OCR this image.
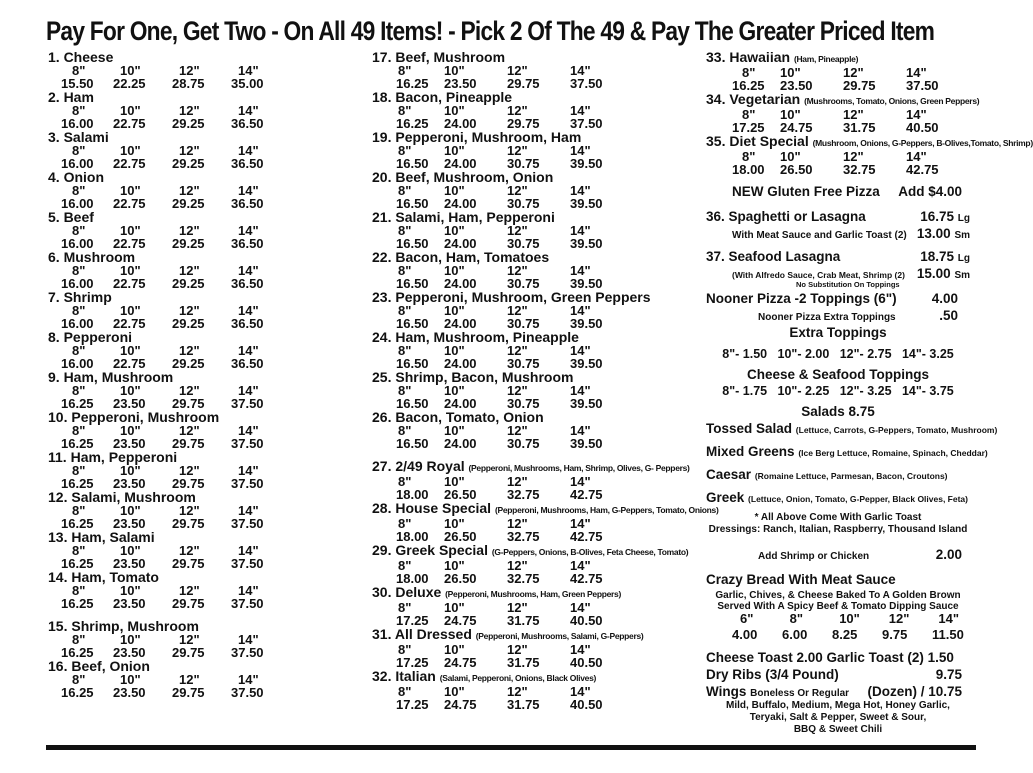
Pay For One, Get Two - On All 49 Items! - Pick 2 Of The 49 & Pay The Greater Priced Item
1. Cheese
8"	10"	12"	14"
15.50	22.25	28.75	35.00
2. Ham
8"	10"	12"	14"
16.00	22.75	29.25	36.50
3. Salami
8"	10"	12"	14"
16.00	22.75	29.25	36.50
4. Onion
8"	10"	12"	14"
16.00	22.75	29.25	36.50
5. Beef
8"	10"	12"	14"
16.00	22.75	29.25	36.50
6. Mushroom
8"	10"	12"	14"
16.00	22.75	29.25	36.50
7. Shrimp
8"	10"	12"	14"
16.00	22.75	29.25	36.50
8. Pepperoni
8"	10"	12"	14"
16.00	22.75	29.25	36.50
9. Ham, Mushroom
8"	10"	12"	14"
16.25	23.50	29.75	37.50
10. Pepperoni, Mushroom
8"	10"	12"	14"
16.25	23.50	29.75	37.50
11. Ham, Pepperoni
8"	10"	12"	14"
16.25	23.50	29.75	37.50
12. Salami, Mushroom
8"	10"	12"	14"
16.25	23.50	29.75	37.50
13. Ham, Salami
8"	10"	12"	14"
16.25	23.50	29.75	37.50
14. Ham, Tomato
8"	10"	12"	14"
16.25	23.50	29.75	37.50
15. Shrimp, Mushroom
8"	10"	12"	14"
16.25	23.50	29.75	37.50
16. Beef, Onion
8"	10"	12"	14"
16.25	23.50	29.75	37.50
17. Beef, Mushroom
8"	10"	12"	14"
16.25	23.50	29.75	37.50
18. Bacon, Pineapple
8"	10"	12"	14"
16.25	24.00	29.75	37.50
19. Pepperoni, Mushroom, Ham
8"	10"	12"	14"
16.50	24.00	30.75	39.50
20. Beef, Mushroom, Onion
8"	10"	12"	14"
16.50	24.00	30.75	39.50
21. Salami, Ham, Pepperoni
8"	10"	12"	14"
16.50	24.00	30.75	39.50
22. Bacon, Ham, Tomatoes
8"	10"	12"	14"
16.50	24.00	30.75	39.50
23. Pepperoni, Mushroom, Green Peppers
8"	10"	12"	14"
16.50	24.00	30.75	39.50
24. Ham, Mushroom, Pineapple
8"	10"	12"	14"
16.50	24.00	30.75	39.50
25. Shrimp, Bacon, Mushroom
8"	10"	12"	14"
16.50	24.00	30.75	39.50
26. Bacon, Tomato, Onion
8"	10"	12"	14"
16.50	24.00	30.75	39.50
27. 2/49 Royal (Pepperoni, Mushrooms, Ham, Shrimp, Olives, G- Peppers)
8"	10"	12"	14"
18.00	26.50	32.75	42.75
28. House Special (Pepperoni, Mushrooms, Ham, G-Peppers, Tomato, Onions)
8"	10"	12"	14"
18.00	26.50	32.75	42.75
29. Greek Special (G-Peppers, Onions, B-Olives, Feta Cheese, Tomato)
8"	10"	12"	14"
18.00	26.50	32.75	42.75
30. Deluxe (Pepperoni, Mushrooms, Ham, Green Peppers)
8"	10"	12"	14"
17.25	24.75	31.75	40.50
31. All Dressed (Pepperoni, Mushrooms, Salami, G-Peppers)
8"	10"	12"	14"
17.25	24.75	31.75	40.50
32. Italian (Salami, Pepperoni, Onions, Black Olives)
8"	10"	12"	14"
17.25	24.75	31.75	40.50
33. Hawaiian (Ham, Pineapple)
8"	10"	12"	14"
16.25	23.50	29.75	37.50
34. Vegetarian (Mushrooms, Tomato, Onions, Green Peppers)
8"	10"	12"	14"
17.25	24.75	31.75	40.50
35. Diet Special (Mushroom, Onions, G-Peppers, B-Olives,Tomato, Shrimp)
8"	10"	12"	14"
18.00	26.50	32.75	42.75
NEW Gluten Free Pizza Add $4.00
36. Spaghetti or Lasagna	16.75 Lg
With Meat Sauce and Garlic Toast (2) 13.00 Sm
37. Seafood Lasagna	18.75 Lg
(With Alfredo Sauce, Crab Meat, Shrimp (2)
No Substitution On Toppings
15.00 Sm
Nooner Pizza -2 Toppings (6")	4.00
Nooner Pizza Extra Toppings	.50
Extra Toppings
8"- 1.50   10"- 2.00   12"- 2.75   14"- 3.25
Cheese & Seafood Toppings
8"- 1.75   10"- 2.25   12"- 3.25   14"- 3.75
Salads 8.75
Tossed Salad (Lettuce, Carrots, G-Peppers, Tomato, Mushroom)
Mixed Greens (Ice Berg Lettuce, Romaine, Spinach, Cheddar)
Caesar (Romaine Lettuce, Parmesan, Bacon, Croutons)
Greek (Lettuce, Onion, Tomato, G-Pepper, Black Olives, Feta)
* All Above Come With Garlic Toast
Dressings: Ranch, Italian, Raspberry, Thousand Island
Add Shrimp or Chicken	2.00
Crazy Bread With Meat Sauce
Garlic, Chives, & Cheese Baked To A Golden Brown
Served With A Spicy Beef & Tomato Dipping Sauce
6"	8"	10"	12"	14"
4.00	6.00	8.25	9.75	11.50
Cheese Toast 2.00 Garlic Toast (2) 1.50
Dry Ribs (3/4 Pound)	9.75
Wings Boneless Or Regular (Dozen) / 10.75
Mild, Buffalo, Medium, Mega Hot, Honey Garlic,
Teryaki, Salt & Pepper, Sweet & Sour,
BBQ & Sweet Chili
